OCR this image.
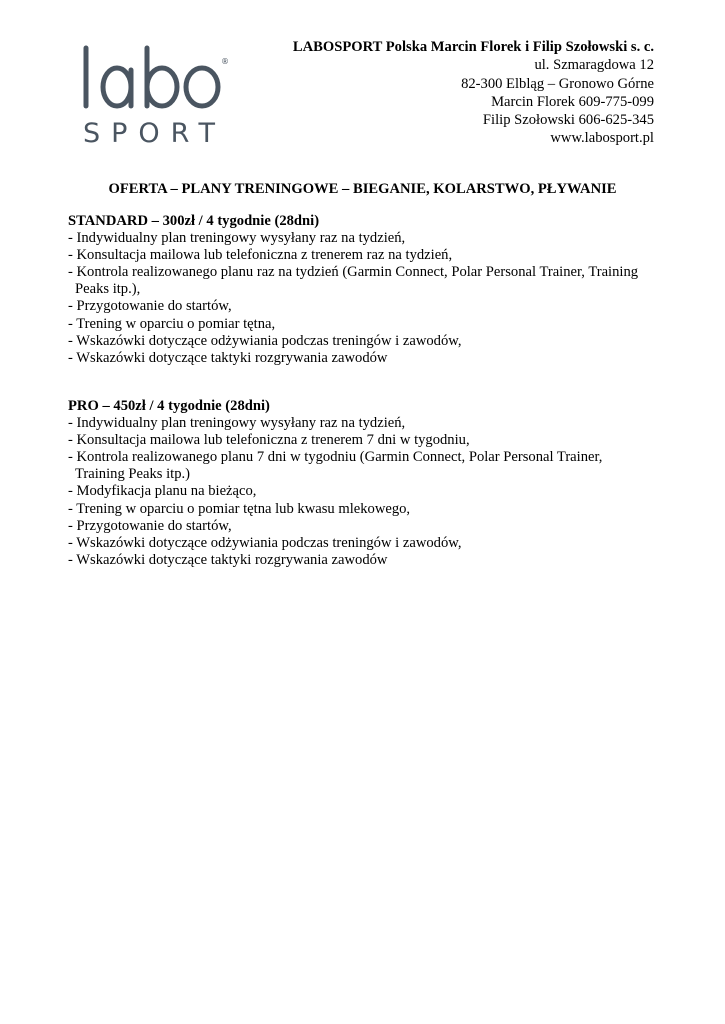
®
SPORT
LABOSPORT Polska Marcin Florek i Filip Szołowski s. c.
ul. Szmaragdowa 12
82-300 Elbląg – Gronowo Górne
Marcin Florek 609-775-099
Filip Szołowski 606-625-345
www.labosport.pl
OFERTA – PLANY TRENINGOWE – BIEGANIE, KOLARSTWO, PŁYWANIE
STANDARD – 300zł / 4 tygodnie (28dni)
- Indywidualny plan treningowy wysyłany raz na tydzień,
- Konsultacja mailowa lub telefoniczna z trenerem raz na tydzień,
- Kontrola realizowanego planu raz na tydzień (Garmin Connect, Polar Personal Trainer, Training
Peaks itp.),
- Przygotowanie do startów,
- Trening w oparciu o pomiar tętna,
- Wskazówki dotyczące odżywiania podczas treningów i zawodów,
- Wskazówki dotyczące taktyki rozgrywania zawodów
PRO – 450zł / 4 tygodnie (28dni)
- Indywidualny plan treningowy wysyłany raz na tydzień,
- Konsultacja mailowa lub telefoniczna z trenerem 7 dni w tygodniu,
- Kontrola realizowanego planu 7 dni w tygodniu (Garmin Connect, Polar Personal Trainer,
Training Peaks itp.)
- Modyfikacja planu na bieżąco,
- Trening w oparciu o pomiar tętna lub kwasu mlekowego,
- Przygotowanie do startów,
- Wskazówki dotyczące odżywiania podczas treningów i zawodów,
- Wskazówki dotyczące taktyki rozgrywania zawodów
